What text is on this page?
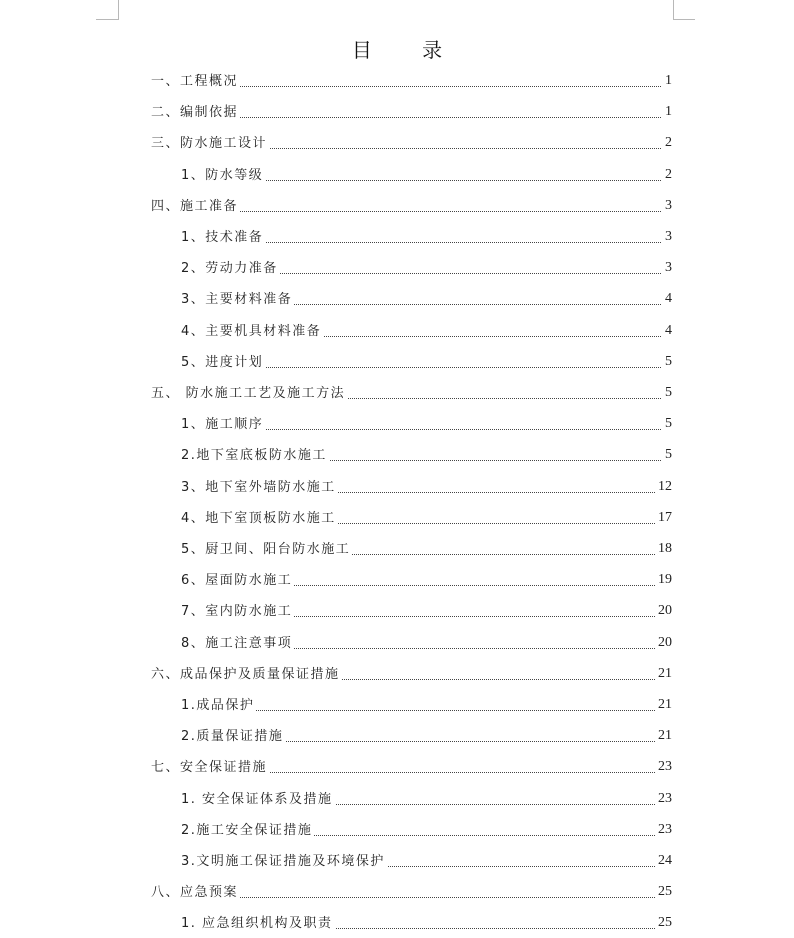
目 录
一、工程概况	1
二、编制依据	1
三、防水施工设计	2
1、防水等级	2
四、施工准备	3
1、技术准备	3
2、劳动力准备	3
3、主要材料准备	4
4、主要机具材料准备	4
5、进度计划	5
五、 防水施工工艺及施工方法	5
1、施工顺序	5
2.地下室底板防水施工	5
3、地下室外墙防水施工	12
4、地下室顶板防水施工	17
5、厨卫间、阳台防水施工	18
6、屋面防水施工	19
7、室内防水施工	20
8、施工注意事项	20
六、成品保护及质量保证措施	21
1.成品保护	21
2.质量保证措施	21
七、安全保证措施	23
1. 安全保证体系及措施	23
2.施工安全保证措施	23
3.文明施工保证措施及环境保护	24
八、应急预案	25
1. 应急组织机构及职责	25
